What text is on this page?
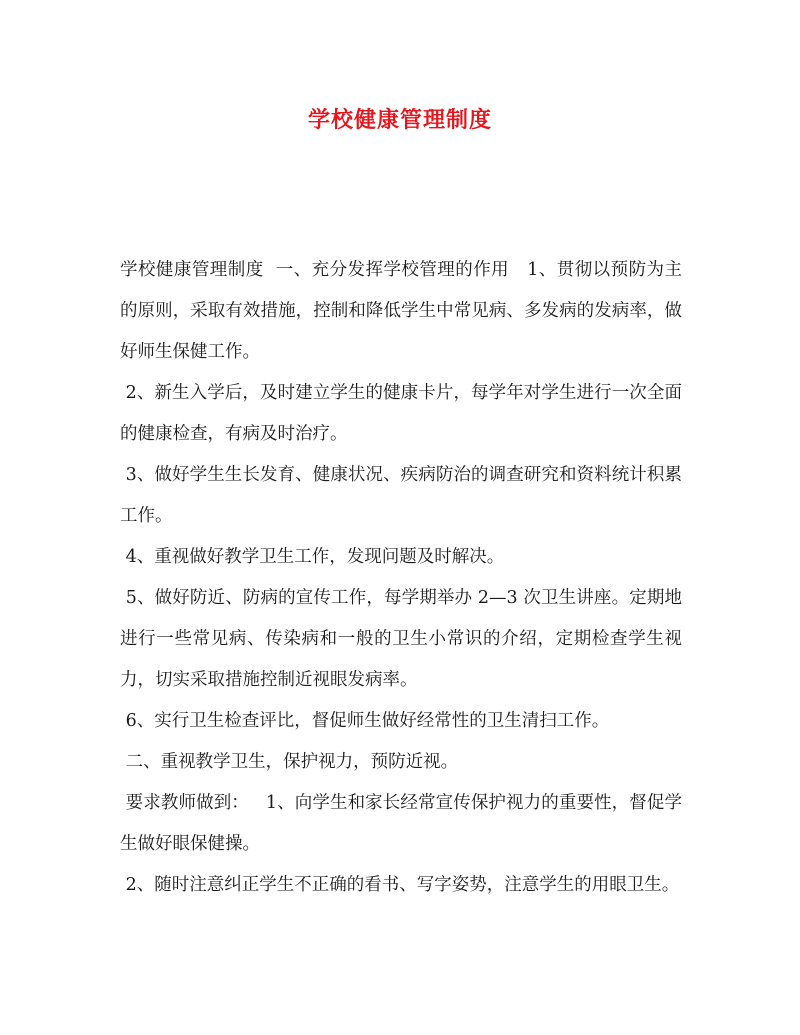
学校健康管理制度

学校健康管理制度  一、充分发挥学校管理的作用   1、贯彻以预防为主的原则，采取有效措施，控制和降低学生中常见病、多发病的发病率，做好师生保健工作。

2、新生入学后，及时建立学生的健康卡片，每学年对学生进行一次全面的健康检查，有病及时治疗。

3、做好学生生长发育、健康状况、疾病防治的调查研究和资料统计积累工作。

4、重视做好教学卫生工作，发现问题及时解决。

5、做好防近、防病的宣传工作，每学期举办 2—3 次卫生讲座。定期地进行一些常见病、传染病和一般的卫生小常识的介绍，定期检查学生视力，切实采取措施控制近视眼发病率。

6、实行卫生检查评比，督促师生做好经常性的卫生清扫工作。

二、重视教学卫生，保护视力，预防近视。

要求教师做到：   1、向学生和家长经常宣传保护视力的重要性，督促学生做好眼保健操。

2、随时注意纠正学生不正确的看书、写字姿势，注意学生的用眼卫生。
